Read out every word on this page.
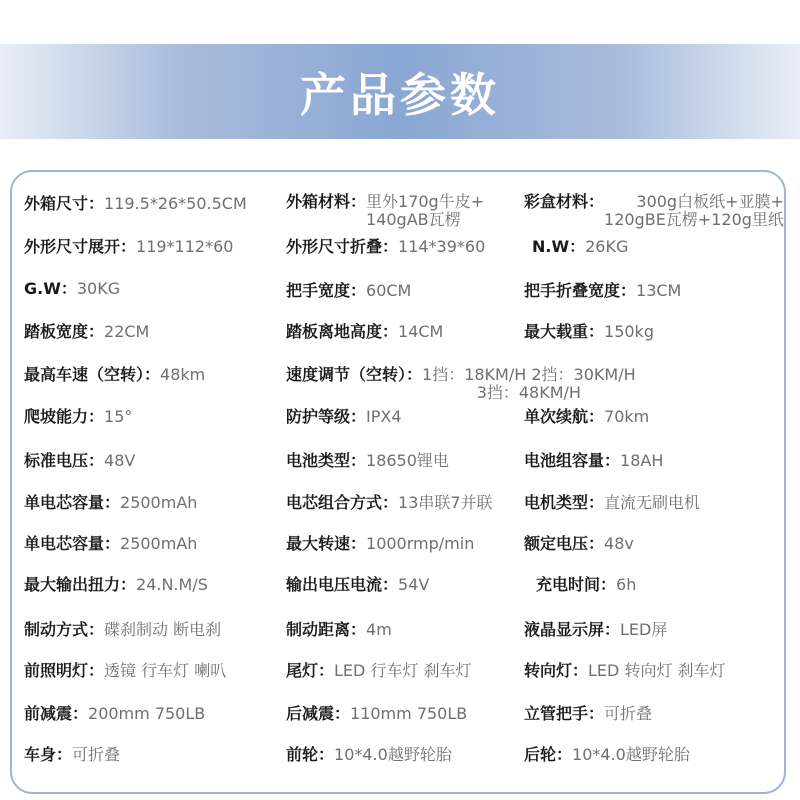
产品参数
外箱尺寸：119.5*26*50.5CM 外箱材料： 里外170g牛皮+
140gAB瓦楞
彩盒材料：	300g白板纸+亚膜+
120gBE瓦楞+120g里纸
外形尺寸展开：119*112*60	外形尺寸折叠：114*39*60	N.W：26KG
G.W：30KG	把手宽度：60CM	把手折叠宽度：13CM
踏板宽度：22CM	踏板离地高度：14CM	最大载重：150kg
最高车速（空转）：48km	速度调节（空转）： 1挡：18KM/H 2挡：30KM/H
3挡：48KM/H
爬坡能力：15°	防护等级：IPX4	单次续航：70km
标准电压：48V	电池类型：18650锂电	电池组容量：18AH
单电芯容量：2500mAh	电芯组合方式：13串联7并联 电机类型：直流无刷电机
单电芯容量：2500mAh	最大转速：1000rmp/min	额定电压：48v
最大输出扭力：24.N.M/S	输出电压电流：54V	充电时间：6h
制动方式：碟刹制动 断电刹	制动距离：4m	液晶显示屏：LED屏
前照明灯：透镜 行车灯 喇叭	尾灯：LED 行车灯 刹车灯	转向灯：LED 转向灯 刹车灯
前减震：200mm 750LB	后减震：110mm 750LB	立管把手：可折叠
车身：可折叠	前轮：10*4.0越野轮胎	后轮：10*4.0越野轮胎
